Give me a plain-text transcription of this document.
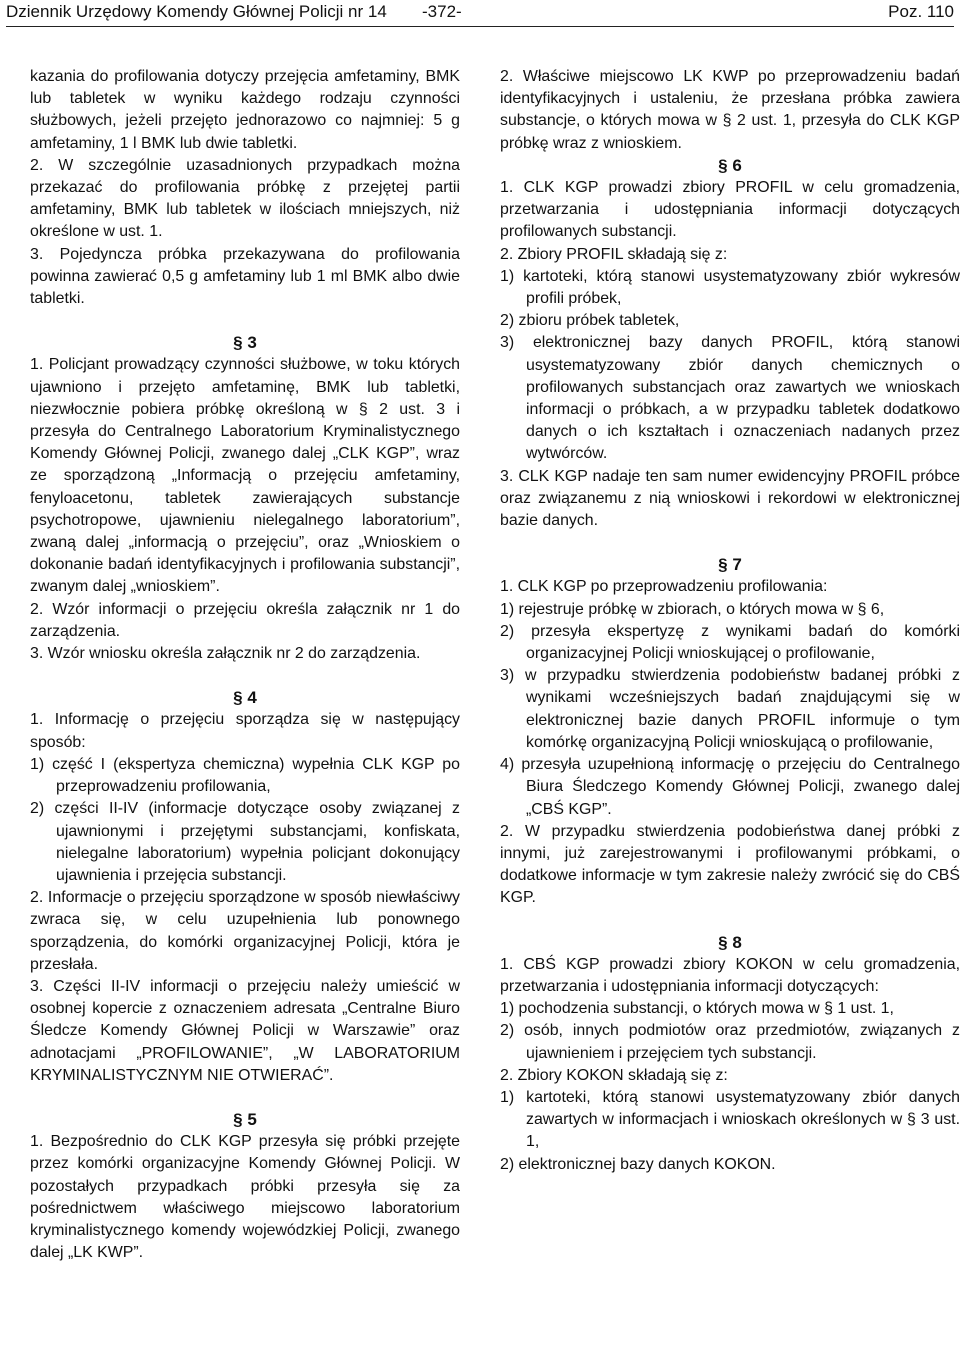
Dziennik Urzędowy Komendy Głównej Policji nr 14 -372-	Poz. 110

kazania do profilowania dotyczy przejęcia amfetaminy, BMK lub tabletek w wyniku każdego rodzaju czynności służbowych, jeżeli przejęto jednorazowo co najmniej: 5 g amfetaminy, 1 l BMK lub dwie tabletki.

2. W szczególnie uzasadnionych przypadkach można przekazać do profilowania próbkę z przejętej partii amfetaminy, BMK lub tabletek w ilościach mniejszych, niż określone w ust. 1.

3. Pojedyncza próbka przekazywana do profilowania powinna zawierać 0,5 g amfetaminy lub 1 ml BMK albo dwie tabletki.

§ 3

1. Policjant prowadzący czynności służbowe, w toku których ujawniono i przejęto amfetaminę, BMK lub tabletki, niezwłocznie pobiera próbkę określoną w § 2 ust. 3 i przesyła do Centralnego Laboratorium Kryminalistycznego Komendy Głównej Policji, zwanego dalej „CLK KGP”, wraz ze sporządzoną „Informacją o przejęciu amfetaminy, fenyloacetonu, tabletek zawierających substancje psychotropowe, ujawnieniu nielegalnego laboratorium”, zwaną dalej „informacją o przejęciu”, oraz „Wnioskiem o dokonanie badań identyfikacyjnych i profilowania substancji”, zwanym dalej „wnioskiem”.

2. Wzór informacji o przejęciu określa załącznik nr 1 do zarządzenia.

3. Wzór wniosku określa załącznik nr 2 do zarządzenia.

§ 4

1. Informację o przejęciu sporządza się w następujący sposób:

1) część I (ekspertyza chemiczna) wypełnia CLK KGP po przeprowadzeniu profilowania,

2) części II-IV (informacje dotyczące osoby związanej z ujawnionymi i przejętymi substancjami, konfiskata, nielegalne laboratorium) wypełnia policjant dokonujący ujawnienia i przejęcia substancji.

2. Informacje o przejęciu sporządzone w sposób niewłaściwy zwraca się, w celu uzupełnienia lub ponownego sporządzenia, do komórki organizacyjnej Policji, która je przesłała.

3. Części II-IV informacji o przejęciu należy umieścić w osobnej kopercie z oznaczeniem adresata „Centralne Biuro Śledcze Komendy Głównej Policji w Warszawie” oraz adnotacjami „PROFILOWANIE”, „W LABORATORIUM KRYMINALISTYCZNYM NIE OTWIERAĆ”.

§ 5

1. Bezpośrednio do CLK KGP przesyła się próbki przejęte przez komórki organizacyjne Komendy Głównej Policji. W pozostałych przypadkach próbki przesyła się za pośrednictwem właściwego miejscowo laboratorium kryminalistycznego komendy wojewódzkiej Policji, zwanego dalej „LK KWP”.

2. Właściwe miejscowo LK KWP po przeprowadzeniu badań identyfikacyjnych i ustaleniu, że przesłana próbka zawiera substancje, o których mowa w § 2 ust. 1, przesyła do CLK KGP próbkę wraz z wnioskiem.

§ 6

1. CLK KGP prowadzi zbiory PROFIL w celu gromadzenia, przetwarzania i udostępniania informacji dotyczących profilowanych substancji.

2. Zbiory PROFIL składają się z:

1) kartoteki, którą stanowi usystematyzowany zbiór wykresów profili próbek,

2) zbioru próbek tabletek,

3) elektronicznej bazy danych PROFIL, którą stanowi usystematyzowany zbiór danych chemicznych o profilowanych substancjach oraz zawartych we wnioskach informacji o próbkach, a w przypadku tabletek dodatkowo danych o ich kształtach i oznaczeniach nadanych przez wytwórców.

3. CLK KGP nadaje ten sam numer ewidencyjny PROFIL próbce oraz związanemu z nią wnioskowi i rekordowi w elektronicznej bazie danych.

§ 7

1. CLK KGP po przeprowadzeniu profilowania:

1) rejestruje próbkę w zbiorach, o których mowa w § 6,

2) przesyła ekspertyzę z wynikami badań do komórki organizacyjnej Policji wnioskującej o profilowanie,

3) w przypadku stwierdzenia podobieństw badanej próbki z wynikami wcześniejszych badań znajdującymi się w elektronicznej bazie danych PROFIL informuje o tym komórkę organizacyjną Policji wnioskującą o profilowanie,

4) przesyła uzupełnioną informację o przejęciu do Centralnego Biura Śledczego Komendy Głównej Policji, zwanego dalej „CBŚ KGP”.

2. W przypadku stwierdzenia podobieństwa danej próbki z innymi, już zarejestrowanymi i profilowanymi próbkami, o dodatkowe informacje w tym zakresie należy zwrócić się do CBŚ KGP.

§ 8

1. CBŚ KGP prowadzi zbiory KOKON w celu gromadzenia, przetwarzania i udostępniania informacji dotyczących:

1) pochodzenia substancji, o których mowa w § 1 ust. 1,

2) osób, innych podmiotów oraz przedmiotów, związanych z ujawnieniem i przejęciem tych substancji.

2. Zbiory KOKON składają się z:

1) kartoteki, którą stanowi usystematyzowany zbiór danych zawartych w informacjach i wnioskach określonych w § 3 ust. 1,

2) elektronicznej bazy danych KOKON.
